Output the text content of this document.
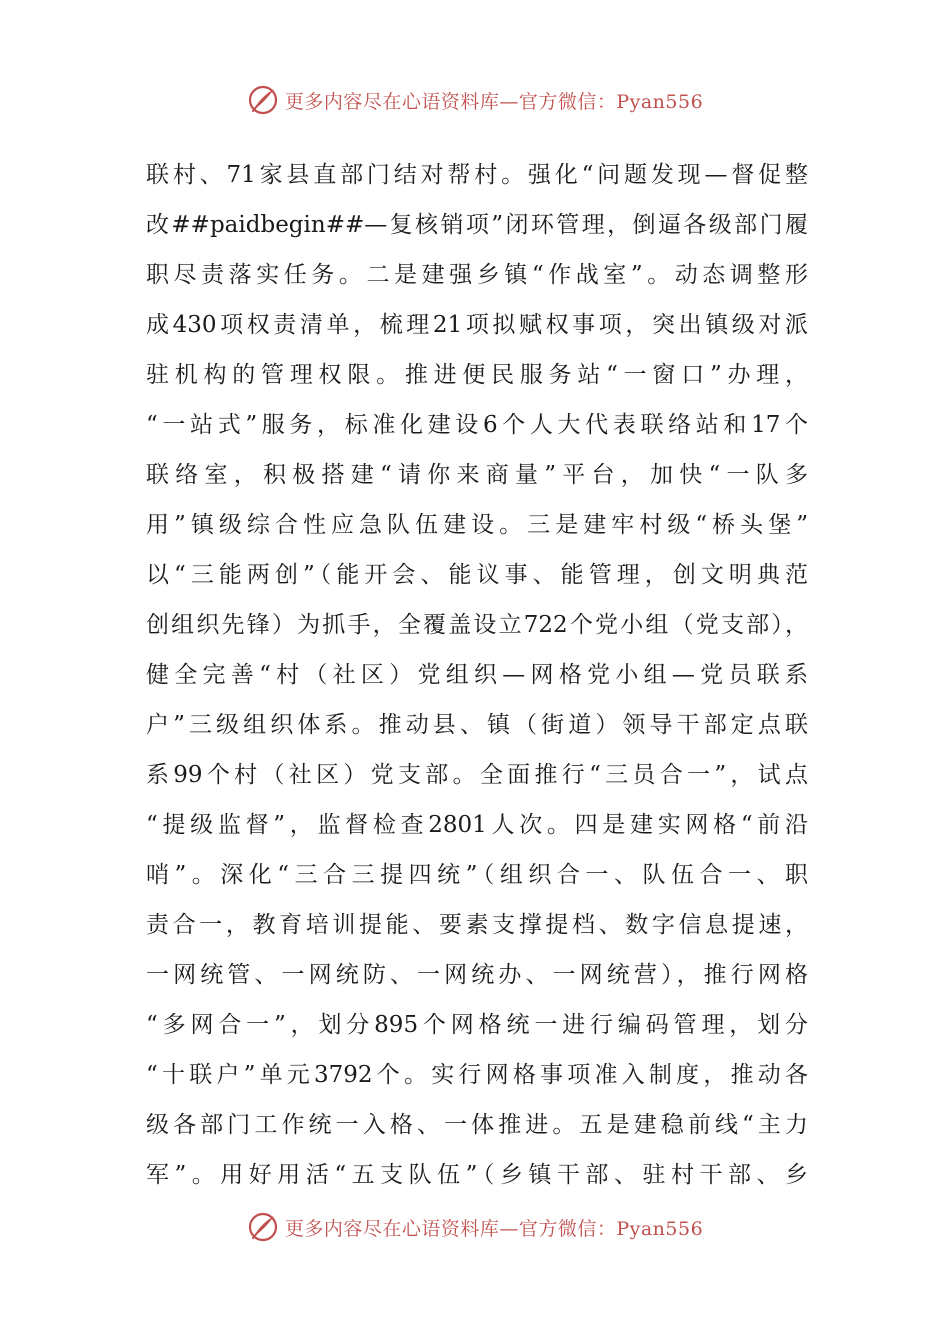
更多内容尽在心语资料库—官方微信：Pyan556
联村、71家县直部门结对帮村。强化“问题发现—督促整
改##paidbegin##—复核销项”闭环管理，倒逼各级部门履
职尽责落实任务。二是建强乡镇“作战室”。动态调整形
成430项权责清单，梳理21项拟赋权事项，突出镇级对派
驻机构的管理权限。推进便民服务站“一窗口”办理，
“一站式”服务，标准化建设6个人大代表联络站和17个
联络室，积极搭建“请你来商量”平台，加快“一队多
用”镇级综合性应急队伍建设。三是建牢村级“桥头堡”
以“三能两创”（能开会、能议事、能管理，创文明典范
创组织先锋）为抓手，全覆盖设立722个党小组（党支部），
健全完善“村（社区）党组织—网格党小组—党员联系
户”三级组织体系。推动县、镇（街道）领导干部定点联
系99个村（社区）党支部。全面推行“三员合一”，试点
“提级监督”，监督检查2801人次。四是建实网格“前沿
哨”。深化“三合三提四统”（组织合一、队伍合一、职
责合一，教育培训提能、要素支撑提档、数字信息提速，
一网统管、一网统防、一网统办、一网统营），推行网格
“多网合一”，划分895个网格统一进行编码管理，划分
“十联户”单元3792个。实行网格事项准入制度，推动各
级各部门工作统一入格、一体推进。五是建稳前线“主力
军”。用好用活“五支队伍”（乡镇干部、驻村干部、乡
更多内容尽在心语资料库—官方微信：Pyan556
